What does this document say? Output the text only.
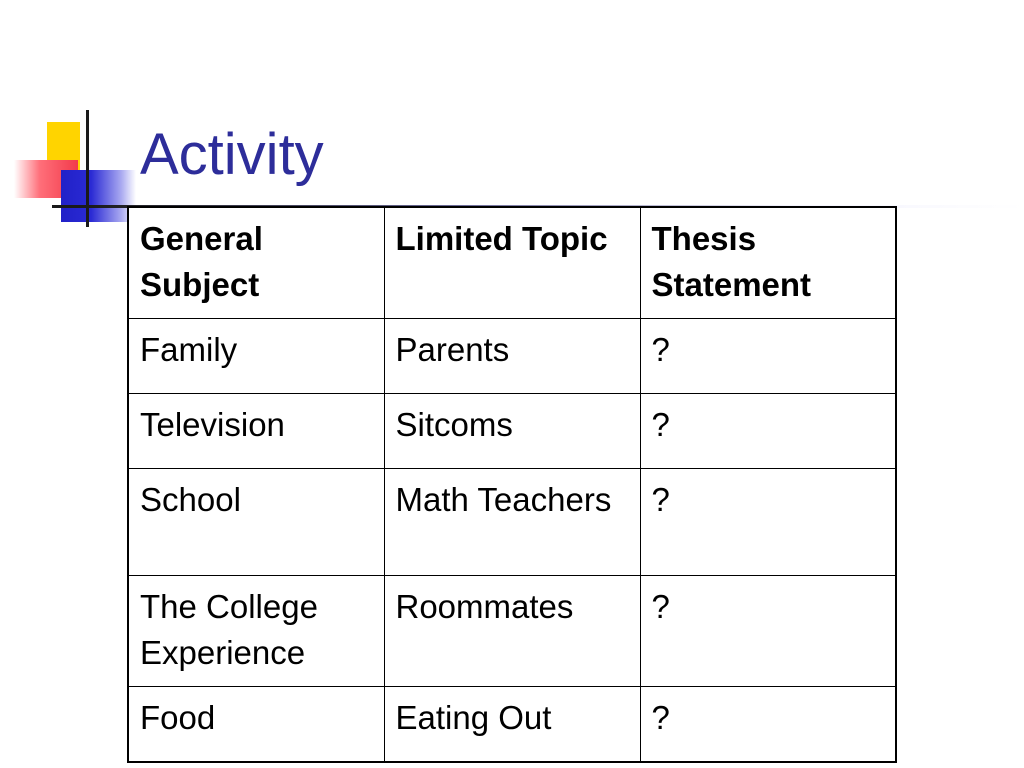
Activity
General Subject	Limited Topic	Thesis Statement
Family	Parents	?
Television	Sitcoms	?
School	Math Teachers	?
The College Experience	Roommates	?
Food	Eating Out	?
